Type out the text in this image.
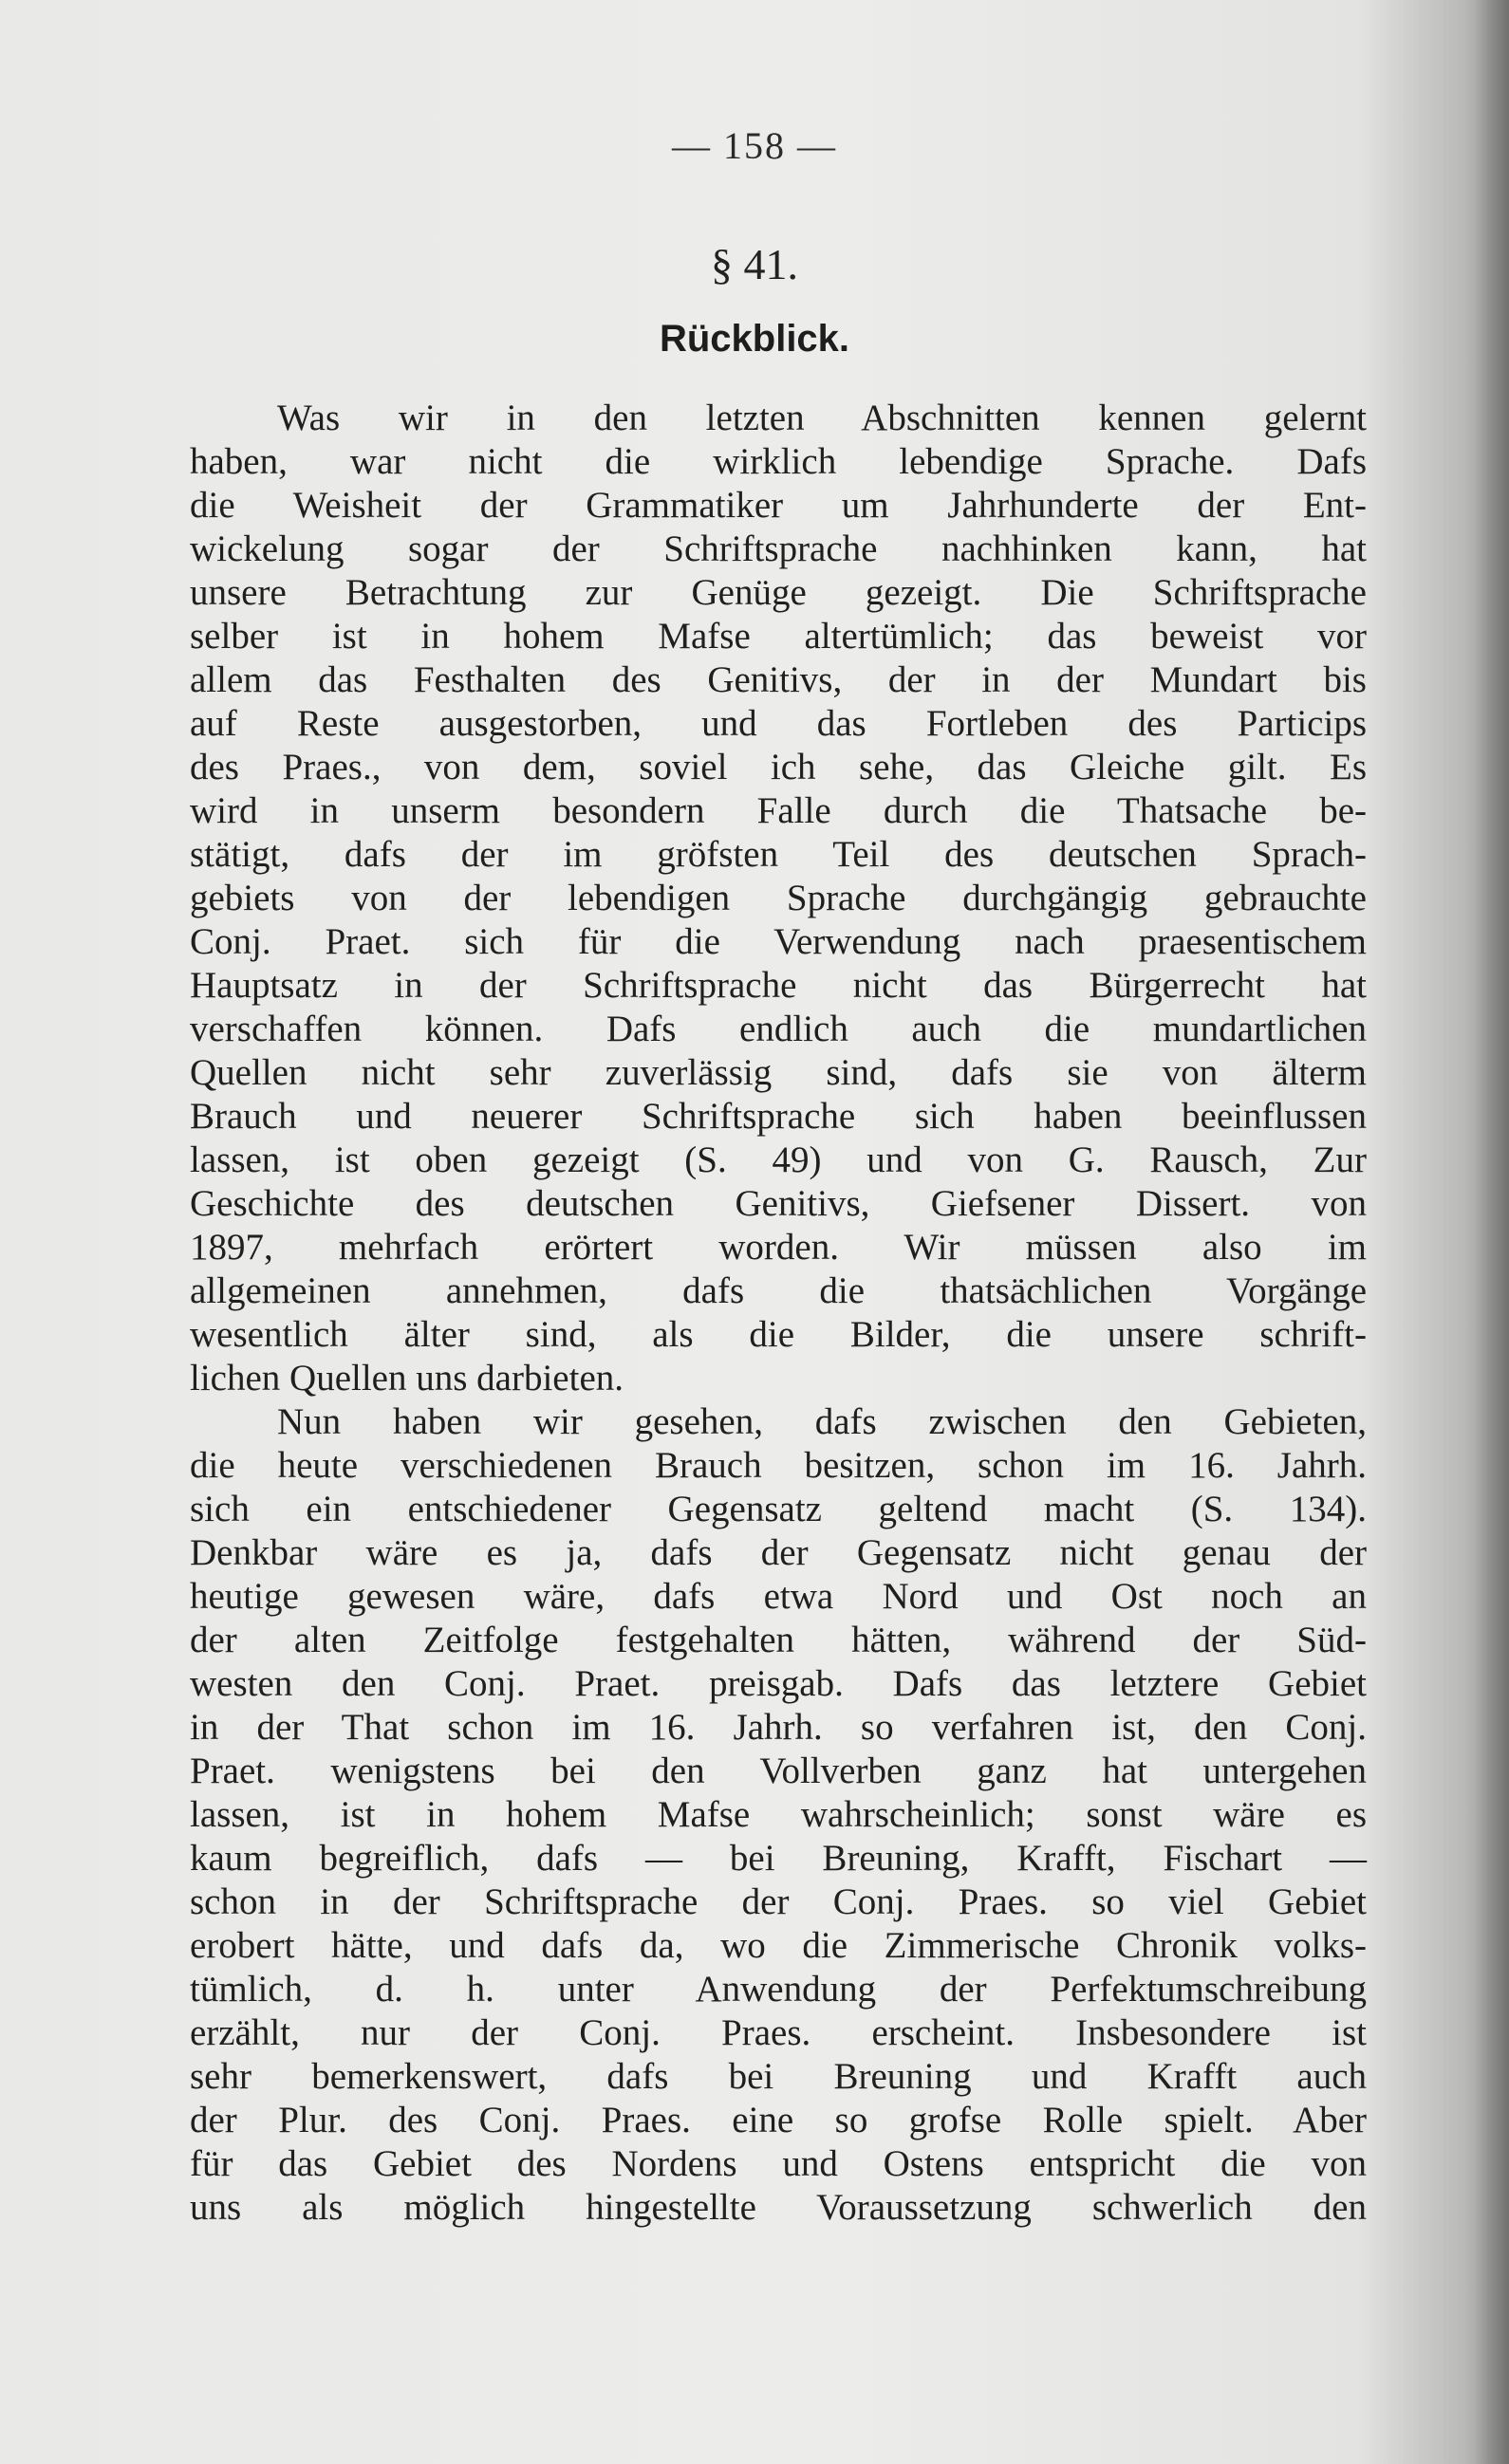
— 158 —
§ 41.
Rückblick.
Was wir in den letzten Abschnitten kennen gelernt
haben, war nicht die wirklich lebendige Sprache. Dafs
die Weisheit der Grammatiker um Jahrhunderte der Ent-
wickelung sogar der Schriftsprache nachhinken kann, hat
unsere Betrachtung zur Genüge gezeigt. Die Schriftsprache
selber ist in hohem Mafse altertümlich; das beweist vor
allem das Festhalten des Genitivs, der in der Mundart bis
auf Reste ausgestorben, und das Fortleben des Particips
des Praes., von dem, soviel ich sehe, das Gleiche gilt. Es
wird in unserm besondern Falle durch die Thatsache be-
stätigt, dafs der im gröfsten Teil des deutschen Sprach-
gebiets von der lebendigen Sprache durchgängig gebrauchte
Conj. Praet. sich für die Verwendung nach praesentischem
Hauptsatz in der Schriftsprache nicht das Bürgerrecht hat
verschaffen können. Dafs endlich auch die mundartlichen
Quellen nicht sehr zuverlässig sind, dafs sie von älterm
Brauch und neuerer Schriftsprache sich haben beeinflussen
lassen, ist oben gezeigt (S. 49) und von G. Rausch, Zur
Geschichte des deutschen Genitivs, Giefsener Dissert. von
1897, mehrfach erörtert worden. Wir müssen also im
allgemeinen annehmen, dafs die thatsächlichen Vorgänge
wesentlich älter sind, als die Bilder, die unsere schrift-
lichen Quellen uns darbieten.
Nun haben wir gesehen, dafs zwischen den Gebieten,
die heute verschiedenen Brauch besitzen, schon im 16. Jahrh.
sich ein entschiedener Gegensatz geltend macht (S. 134).
Denkbar wäre es ja, dafs der Gegensatz nicht genau der
heutige gewesen wäre, dafs etwa Nord und Ost noch an
der alten Zeitfolge festgehalten hätten, während der Süd-
westen den Conj. Praet. preisgab. Dafs das letztere Gebiet
in der That schon im 16. Jahrh. so verfahren ist, den Conj.
Praet. wenigstens bei den Vollverben ganz hat untergehen
lassen, ist in hohem Mafse wahrscheinlich; sonst wäre es
kaum begreiflich, dafs — bei Breuning, Krafft, Fischart —
schon in der Schriftsprache der Conj. Praes. so viel Gebiet
erobert hätte, und dafs da, wo die Zimmerische Chronik volks-
tümlich, d. h. unter Anwendung der Perfektumschreibung
erzählt, nur der Conj. Praes. erscheint. Insbesondere ist
sehr bemerkenswert, dafs bei Breuning und Krafft auch
der Plur. des Conj. Praes. eine so grofse Rolle spielt. Aber
für das Gebiet des Nordens und Ostens entspricht die von
uns als möglich hingestellte Voraussetzung schwerlich den
